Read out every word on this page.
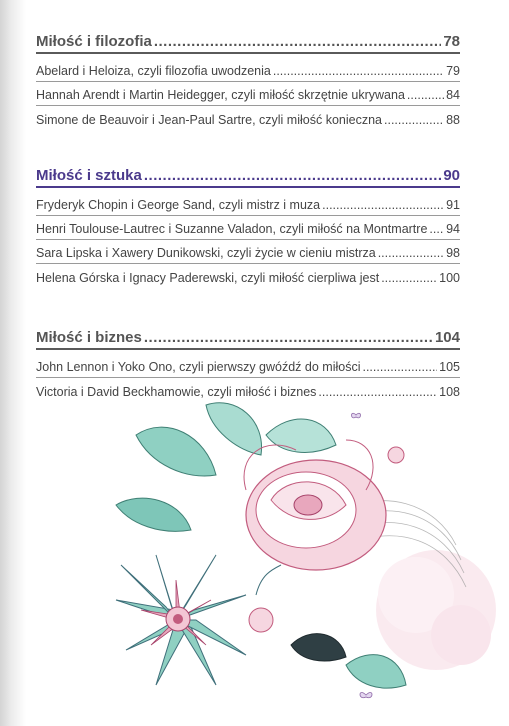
Miłość i filozofia .....	78
Abelard i Heloiza, czyli filozofia uwodzenia .....	79
Hannah Arendt i Martin Heidegger, czyli miłość skrzętnie ukrywana .....	84
Simone de Beauvoir i Jean-Paul Sartre, czyli miłość konieczna .....	88
Miłość i sztuka .....	90
Fryderyk Chopin i George Sand, czyli mistrz i muza .....	91
Henri Toulouse-Lautrec i Suzanne Valadon, czyli miłość na Montmartre ..... 94
Sara Lipska i Xawery Dunikowski, czyli życie w cieniu mistrza .....	98
Helena Górska i Ignacy Paderewski, czyli miłość cierpliwa jest .....	100
Miłość i biznes .....	104
John Lennon i Yoko Ono, czyli pierwszy gwóźdź do miłości .....	105
Victoria i David Beckhamowie, czyli miłość i biznes .....	108
